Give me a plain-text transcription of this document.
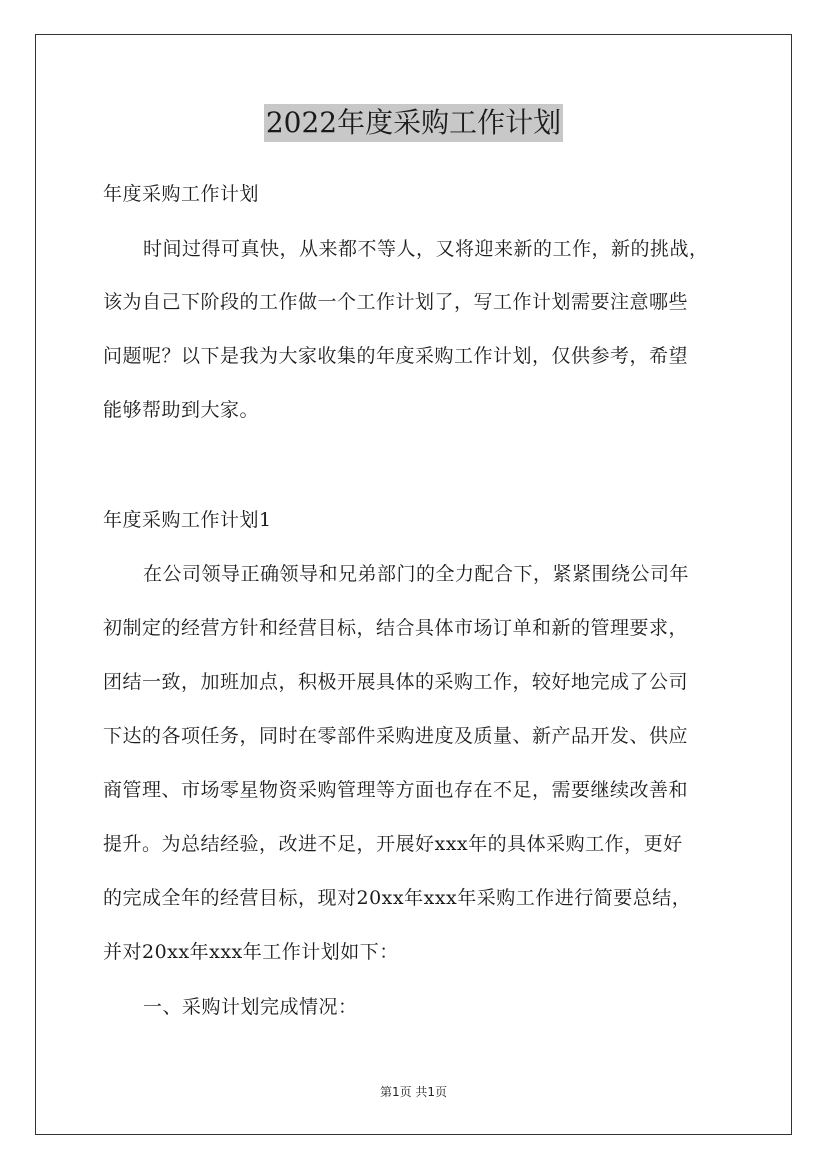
2022年度采购工作计划
年度采购工作计划
时间过得可真快，从来都不等人，又将迎来新的工作，新的挑战，
该为自己下阶段的工作做一个工作计划了，写工作计划需要注意哪些
问题呢？以下是我为大家收集的年度采购工作计划，仅供参考，希望
能够帮助到大家。
年度采购工作计划1
在公司领导正确领导和兄弟部门的全力配合下，紧紧围绕公司年
初制定的经营方针和经营目标，结合具体市场订单和新的管理要求，
团结一致，加班加点，积极开展具体的采购工作，较好地完成了公司
下达的各项任务，同时在零部件采购进度及质量、新产品开发、供应
商管理、市场零星物资采购管理等方面也存在不足，需要继续改善和
提升。为总结经验，改进不足，开展好xxx年的具体采购工作，更好
的完成全年的经营目标，现对20xx年xxx年采购工作进行简要总结，
并对20xx年xxx年工作计划如下：
一、采购计划完成情况：
第1页 共1页
